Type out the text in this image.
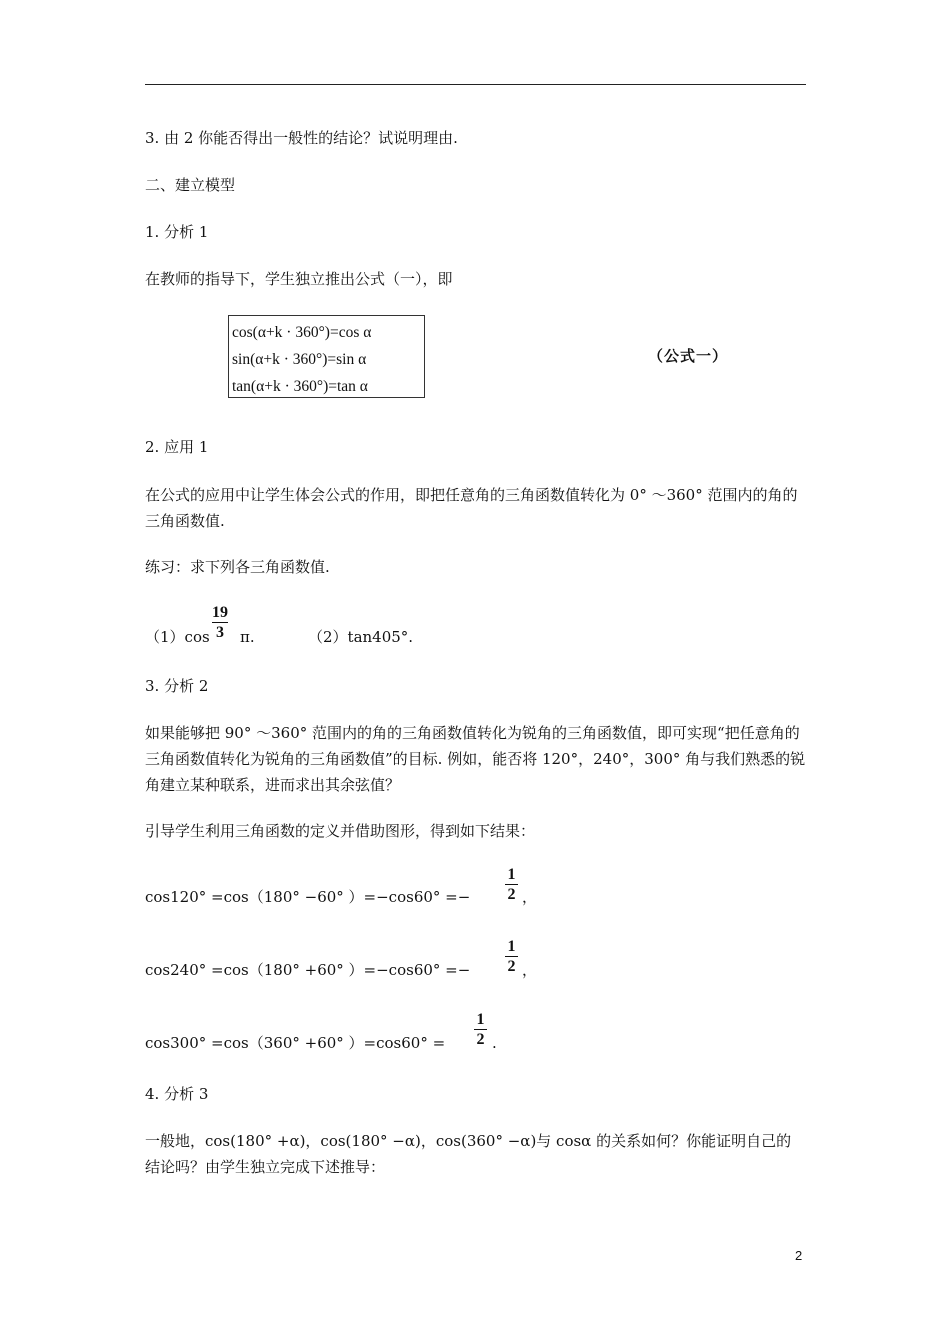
3. 由 2 你能否得出一般性的结论？试说明理由.
二、建立模型
1. 分析 1
在教师的指导下，学生独立推出公式（一），即
cos(α+k · 360°)=cos α
sin(α+k · 360°)=sin α
tan(α+k · 360°)=tan α
（公式一）
2. 应用 1
在公式的应用中让学生体会公式的作用，即把任意角的三角函数值转化为 0° ～360° 范围内的角的三角函数值.
练习：求下列各三角函数值.
（1）cos
19
3 π.	（2）tan405°.
3. 分析 2
如果能够把 90° ～360° 范围内的角的三角函数值转化为锐角的三角函数值，即可实现“把任意角的三角函数值转化为锐角的三角函数值”的目标. 例如，能否将 120°，240°，300° 角与我们熟悉的锐角建立某种联系，进而求出其余弦值？
引导学生利用三角函数的定义并借助图形，得到如下结果：
cos120° =cos（180° −60° ）=−cos60° =−
1
2 ，
cos240° =cos（180° +60° ）=−cos60° =−
1
2 ，
cos300° =cos（360° +60° ）=cos60° =
1
2 .
4. 分析 3
一般地，cos(180° +α)，cos(180° −α)，cos(360° −α)与 cosα 的关系如何？你能证明自己的结论吗？由学生独立完成下述推导：
2
